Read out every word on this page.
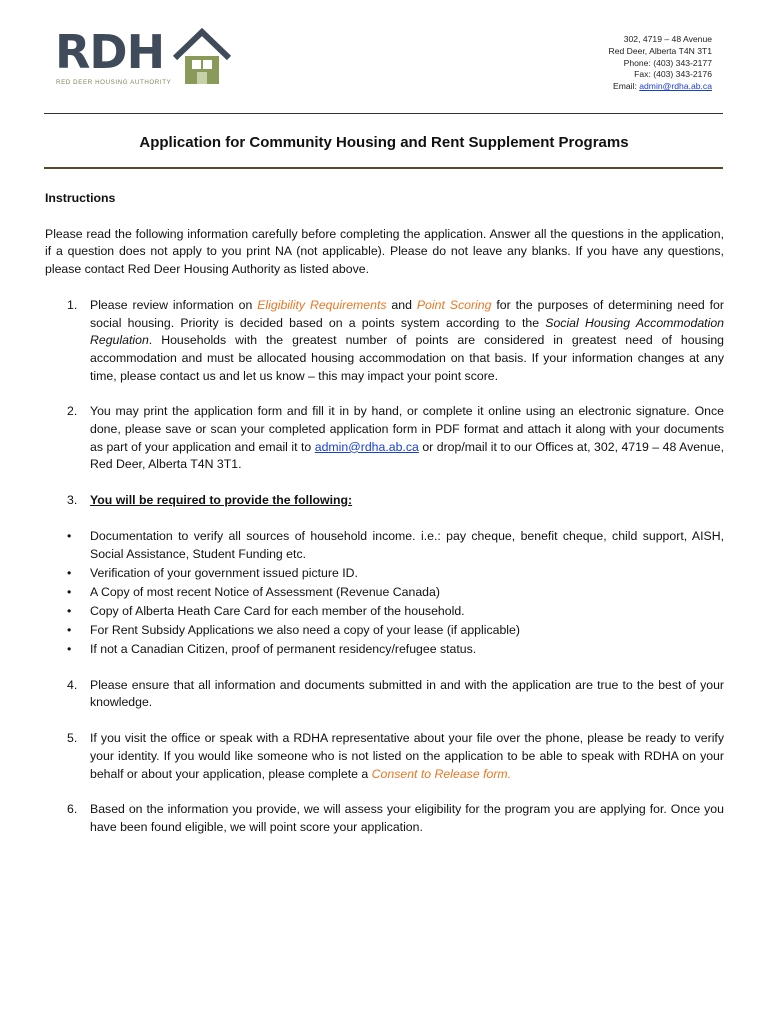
RDH
RED DEER HOUSING AUTHORITY
302, 4719 – 48 Avenue
Red Deer, Alberta T4N 3T1
Phone: (403) 343-2177
Fax: (403) 343-2176
Email: admin@rdha.ab.ca
Application for Community Housing and Rent Supplement Programs

Instructions

Please read the following information carefully before completing the application. Answer all the questions in the application, if a question does not apply to you print NA (not applicable). Please do not leave any blanks. If you have any questions, please contact Red Deer Housing Authority as listed above.

1. Please review information on Eligibility Requirements and Point Scoring for the purposes of determining need for social housing. Priority is decided based on a points system according to the Social Housing Accommodation Regulation. Households with the greatest number of points are considered in greatest need of housing accommodation and must be allocated housing accommodation on that basis. If your information changes at any time, please contact us and let us know – this may impact your point score.
2. You may print the application form and fill it in by hand, or complete it online using an electronic signature. Once done, please save or scan your completed application form in PDF format and attach it along with your documents as part of your application and email it to admin@rdha.ab.ca or drop/mail it to our Offices at, 302, 4719 – 48 Avenue, Red Deer, Alberta T4N 3T1.
3. You will be required to provide the following:
• Documentation to verify all sources of household income. i.e.: pay cheque, benefit cheque, child support, AISH, Social Assistance, Student Funding etc.
• Verification of your government issued picture ID.
• A Copy of most recent Notice of Assessment (Revenue Canada)
• Copy of Alberta Heath Care Card for each member of the household.
• For Rent Subsidy Applications we also need a copy of your lease (if applicable)
• If not a Canadian Citizen, proof of permanent residency/refugee status.
4. Please ensure that all information and documents submitted in and with the application are true to the best of your knowledge.
5. If you visit the office or speak with a RDHA representative about your file over the phone, please be ready to verify your identity. If you would like someone who is not listed on the application to be able to speak with RDHA on your behalf or about your application, please complete a Consent to Release form.
6. Based on the information you provide, we will assess your eligibility for the program you are applying for. Once you have been found eligible, we will point score your application.
